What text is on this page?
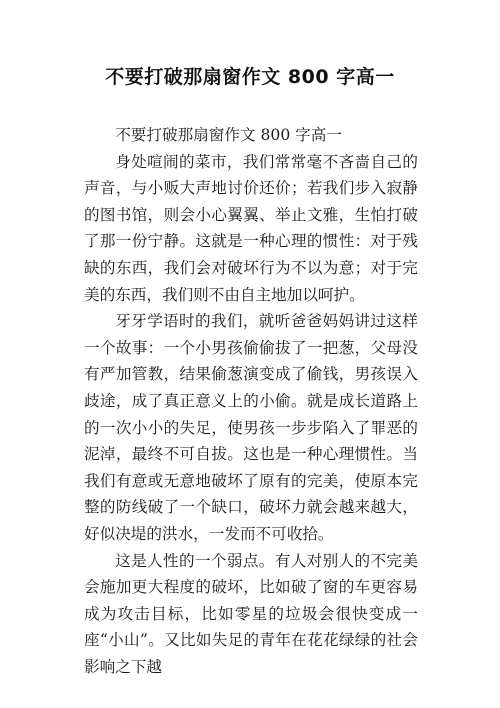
不要打破那扇窗作文 800 字高一

不要打破那扇窗作文 800 字高一

身处喧闹的菜市，我们常常毫不吝啬自己的声音，与小贩大声地讨价还价；若我们步入寂静的图书馆，则会小心翼翼、举止文雅，生怕打破了那一份宁静。这就是一种心理的惯性：对于残缺的东西，我们会对破坏行为不以为意；对于完美的东西，我们则不由自主地加以呵护。

牙牙学语时的我们，就听爸爸妈妈讲过这样一个故事：一个小男孩偷偷拔了一把葱，父母没有严加管教，结果偷葱演变成了偷钱，男孩误入歧途，成了真正意义上的小偷。就是成长道路上的一次小小的失足，使男孩一步步陷入了罪恶的泥淖，最终不可自拔。这也是一种心理惯性。当我们有意或无意地破坏了原有的完美，使原本完整的防线破了一个缺口，破坏力就会越来越大，好似决堤的洪水，一发而不可收拾。

这是人性的一个弱点。有人对别人的不完美会施加更大程度的破坏，比如破了窗的车更容易成为攻击目标，比如零星的垃圾会很快变成一座“小山”。又比如失足的青年在花花绿绿的社会影响之下越
